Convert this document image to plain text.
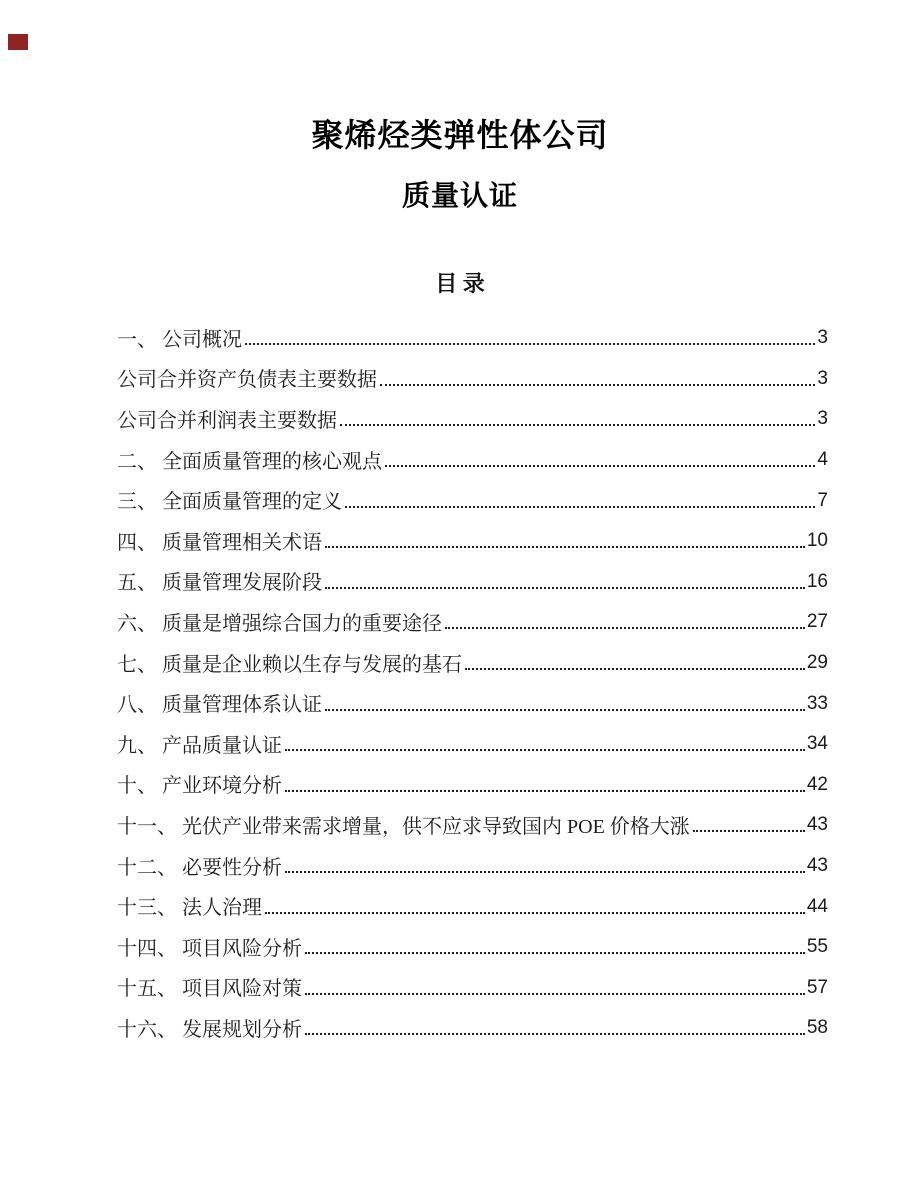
聚烯烃类弹性体公司
质量认证
目 录
一、 公司概况	3
公司合并资产负债表主要数据	3
公司合并利润表主要数据	3
二、 全面质量管理的核心观点	4
三、 全面质量管理的定义	7
四、 质量管理相关术语	10
五、 质量管理发展阶段	16
六、 质量是增强综合国力的重要途径	27
七、 质量是企业赖以生存与发展的基石	29
八、 质量管理体系认证	33
九、 产品质量认证	34
十、 产业环境分析	42
十一、 光伏产业带来需求增量，供不应求导致国内 POE 价格大涨	43
十二、 必要性分析	43
十三、 法人治理	44
十四、 项目风险分析	55
十五、 项目风险对策	57
十六、 发展规划分析	58
